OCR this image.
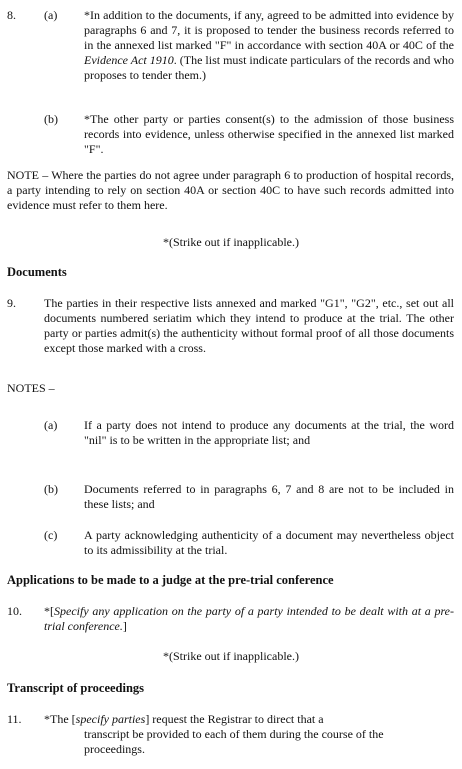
8. (a) *In addition to the documents, if any, agreed to be admitted into evidence by paragraphs 6 and 7, it is proposed to tender the business records referred to in the annexed list marked "F" in accordance with section 40A or 40C of the Evidence Act 1910. (The list must indicate particulars of the records and who proposes to tender them.)
(b) *The other party or parties consent(s) to the admission of those business records into evidence, unless otherwise specified in the annexed list marked "F".
NOTE – Where the parties do not agree under paragraph 6 to production of hospital records, a party intending to rely on section 40A or section 40C to have such records admitted into evidence must refer to them here.
*(Strike out if inapplicable.)
Documents
9. The parties in their respective lists annexed and marked "G1", "G2", etc., set out all documents numbered seriatim which they intend to produce at the trial. The other party or parties admit(s) the authenticity without formal proof of all those documents except those marked with a cross.
NOTES –
(a) If a party does not intend to produce any documents at the trial, the word "nil" is to be written in the appropriate list; and
(b) Documents referred to in paragraphs 6, 7 and 8 are not to be included in these lists; and
(c) A party acknowledging authenticity of a document may nevertheless object to its admissibility at the trial.
Applications to be made to a judge at the pre-trial conference
10. *[Specify any application on the party of a party intended to be dealt with at a pre-trial conference.]
*(Strike out if inapplicable.)
Transcript of proceedings
11. *The [specify parties] request the Registrar to direct that a
transcript be provided to each of them during the course of the proceedings.
